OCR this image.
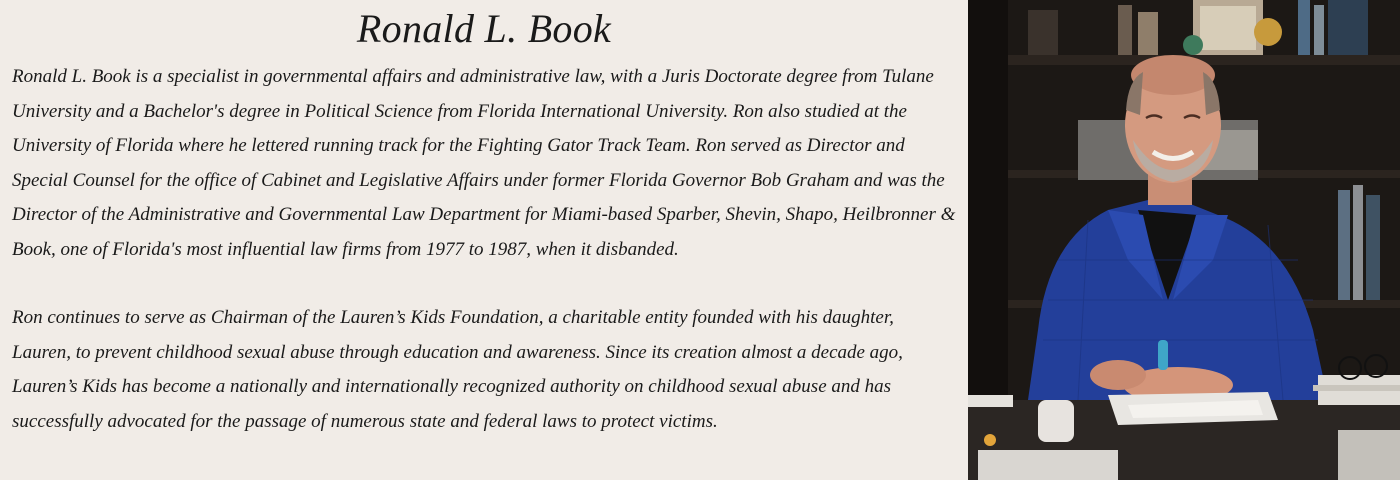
Ronald L. Book

Ronald L. Book is a specialist in governmental affairs and administrative law, with a Juris Doctorate degree from Tulane University and a Bachelor's degree in Political Science from Florida International University. Ron also studied at the University of Florida where he lettered running track for the Fighting Gator Track Team. Ron served as Director and Special Counsel for the office of Cabinet and Legislative Affairs under former Florida Governor Bob Graham and was the Director of the Administrative and Governmental Law Department for Miami-based Sparber, Shevin, Shapo, Heilbronner & Book, one of Florida's most influential law firms from 1977 to 1987, when it disbanded.

Ron continues to serve as Chairman of the Lauren’s Kids Foundation, a charitable entity founded with his daughter, Lauren, to prevent childhood sexual abuse through education and awareness. Since its creation almost a decade ago, Lauren’s Kids has become a nationally and internationally recognized authority on childhood sexual abuse and has successfully advocated for the passage of numerous state and federal laws to protect victims.
